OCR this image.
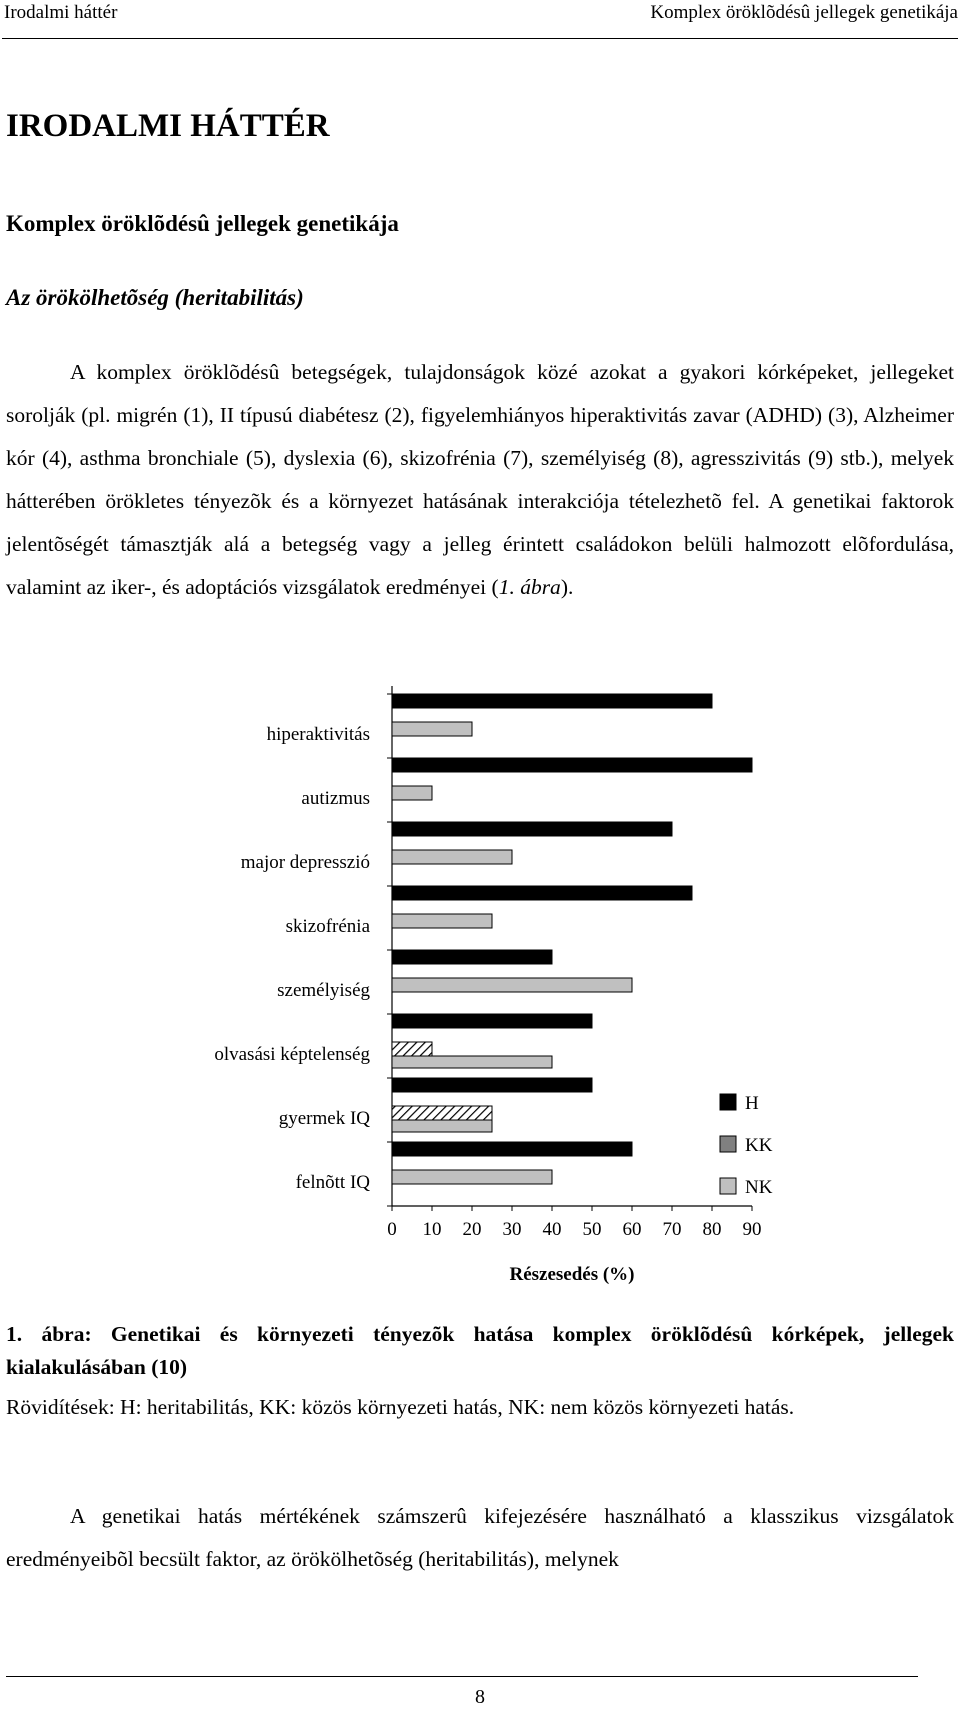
Irodalmi háttér	Komplex öröklõdésû jellegek genetikája
IRODALMI HÁTTÉR
Komplex öröklõdésû jellegek genetikája
Az örökölhetõség (heritabilitás)

A komplex öröklõdésû betegségek, tulajdonságok közé azokat a gyakori kórképeket, jellegeket sorolják (pl. migrén (1), II típusú diabétesz (2), figyelemhiányos hiperaktivitás zavar (ADHD) (3), Alzheimer kór (4), asthma bronchiale (5), dyslexia (6), skizofrénia (7), személyiség (8), agresszivitás (9) stb.), melyek hátterében örökletes tényezõk és a környezet hatásának interakciója tételezhetõ fel. A genetikai faktorok jelentõségét támasztják alá a betegség vagy a jelleg érintett családokon belüli halmozott elõfordulása, valamint az iker-, és adoptációs vizsgálatok eredményei (1. ábra).

hiperaktivitás
autizmus
major depresszió
skizofrénia
személyiség
olvasási képtelenség
gyermek IQ
felnõtt IQ
0 10 20 30 40 50 60 70 80 90
Részesedés (%)
H
KK
NK

1. ábra: Genetikai és környezeti tényezõk hatása komplex öröklõdésû kórképek, jellegek kialakulásában (10)

Rövidítések: H: heritabilitás, KK: közös környezeti hatás, NK: nem közös környezeti hatás.

A genetikai hatás mértékének számszerû kifejezésére használható a klasszikus vizsgálatok eredményeibõl becsült faktor, az örökölhetõség (heritabilitás), melynek

8
